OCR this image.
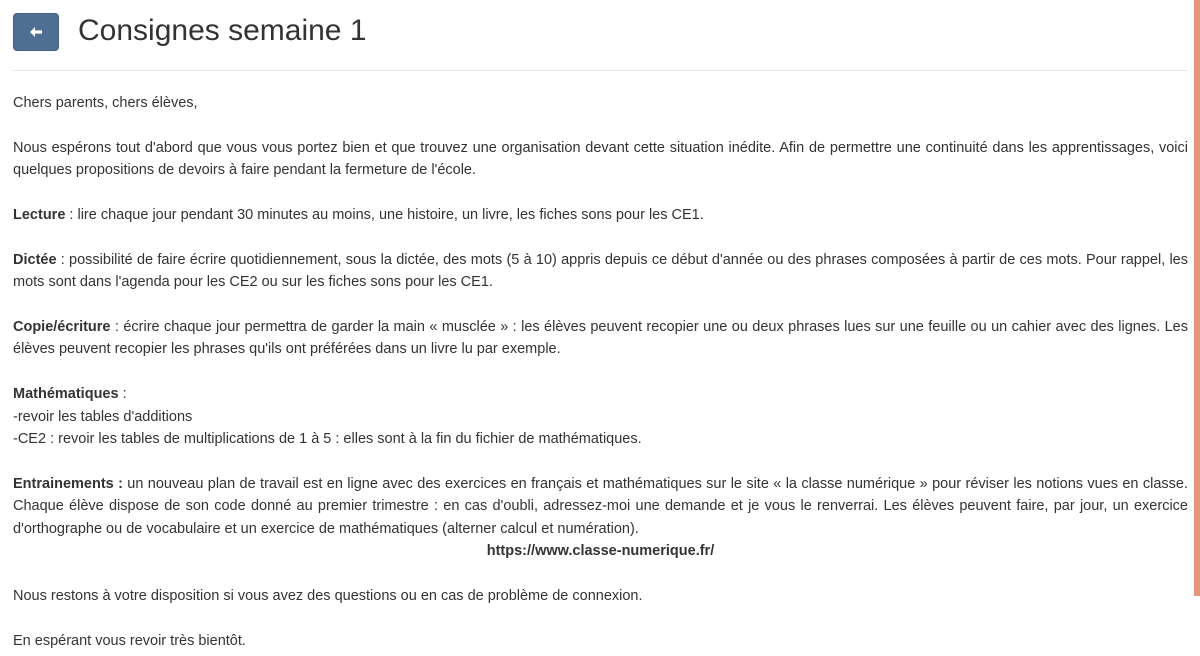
Consignes semaine 1

Chers parents, chers élèves,

Nous espérons tout d'abord que vous vous portez bien et que trouvez une organisation devant cette situation inédite. Afin de permettre une continuité dans les apprentissages, voici quelques propositions de devoirs à faire pendant la fermeture de l'école.

Lecture : lire chaque jour pendant 30 minutes au moins, une histoire, un livre, les fiches sons pour les CE1.

Dictée : possibilité de faire écrire quotidiennement, sous la dictée, des mots (5 à 10) appris depuis ce début d'année ou des phrases composées à partir de ces mots. Pour rappel, les mots sont dans l'agenda pour les CE2 ou sur les fiches sons pour les CE1.

Copie/écriture : écrire chaque jour permettra de garder la main « musclée » : les élèves peuvent recopier une ou deux phrases lues sur une feuille ou un cahier avec des lignes. Les élèves peuvent recopier les phrases qu'ils ont préférées dans un livre lu par exemple.

Mathématiques :
-revoir les tables d'additions
-CE2 : revoir les tables de multiplications de 1 à 5 : elles sont à la fin du fichier de mathématiques.

Entrainements : un nouveau plan de travail est en ligne avec des exercices en français et mathématiques sur le site « la classe numérique » pour réviser les notions vues en classe. Chaque élève dispose de son code donné au premier trimestre : en cas d'oubli, adressez-moi une demande et je vous le renverrai. Les élèves peuvent faire, par jour, un exercice d'orthographe ou de vocabulaire et un exercice de mathématiques (alterner calcul et numération).
https://www.classe-numerique.fr/

Nous restons à votre disposition si vous avez des questions ou en cas de problème de connexion.

En espérant vous revoir très bientôt.
